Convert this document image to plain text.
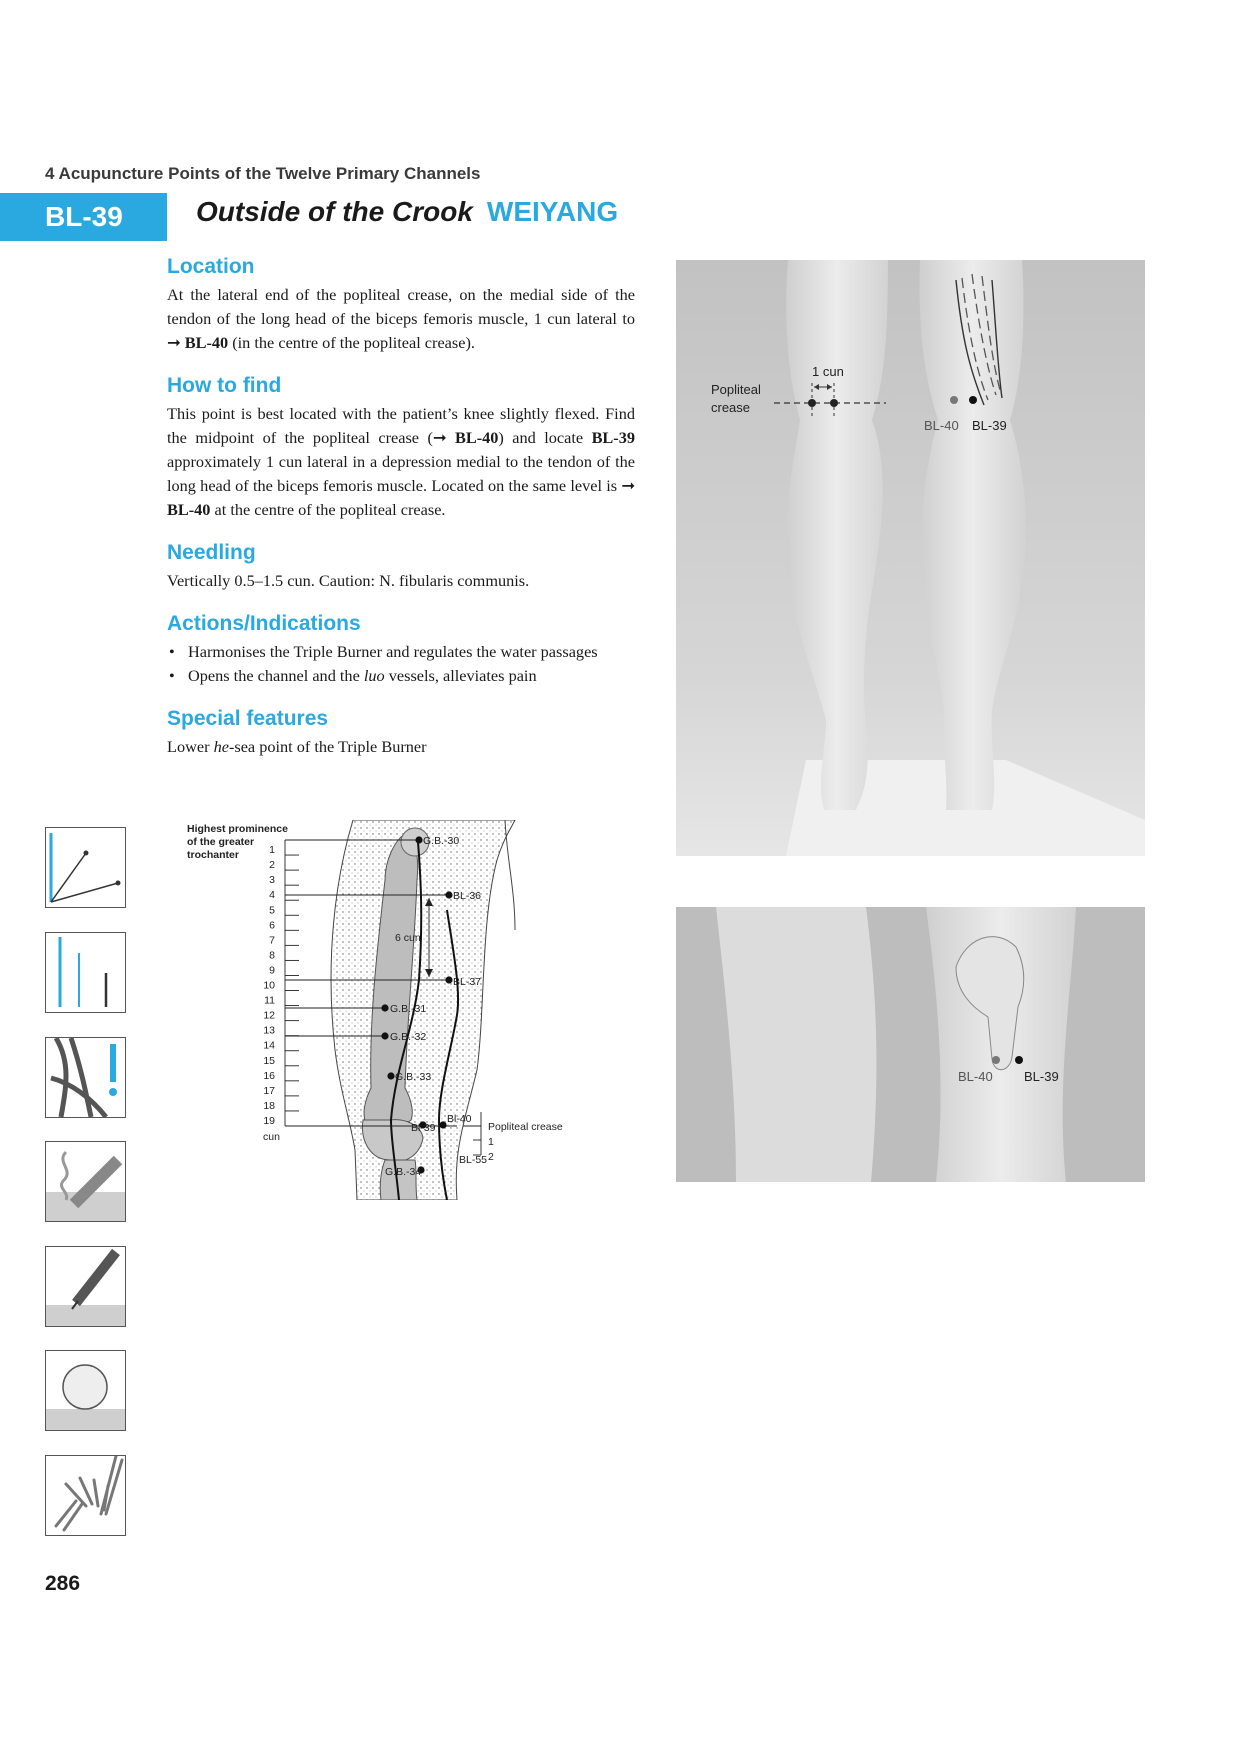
4 Acupuncture Points of the Twelve Primary Channels
BL-39	Outside of the Crook WEIYANG
Location
At the lateral end of the popliteal crease, on the medial side of the tendon of the long head of the biceps femoris muscle, 1 cun lateral to ➞ BL-40 (in the centre of the popliteal crease).
How to find
This point is best located with the patient’s knee slightly flexed. Find the midpoint of the popliteal crease (➞ BL-40) and locate BL-39 approximately 1 cun lateral in a depression medial to the tendon of the long head of the biceps femoris muscle. Located on the same level is ➞ BL-40 at the centre of the popliteal crease.
Needling
Vertically 0.5–1.5 cun. Caution: N. fibularis communis.
Actions/Indications
• Harmonises the Triple Burner and regulates the water passages
• Opens the channel and the luo vessels, alleviates pain
Special features
Lower he-sea point of the Triple Burner
Popliteal
crease
1 cun
BL-40 BL-39
BL-40 BL-39
Highest prominence
of the greater
trochanter
G.B.-30
BL-36
6 cun
BL-37
G.B.-31
G.B.-32
G.B.-33
Bl-40
Bl-39	Popliteal crease
1
2
BL-55
G.B.-34
cun
1
2
3
4
5
6
7
8
9
10
11
12
13
14
15
16
17
18
19
286
